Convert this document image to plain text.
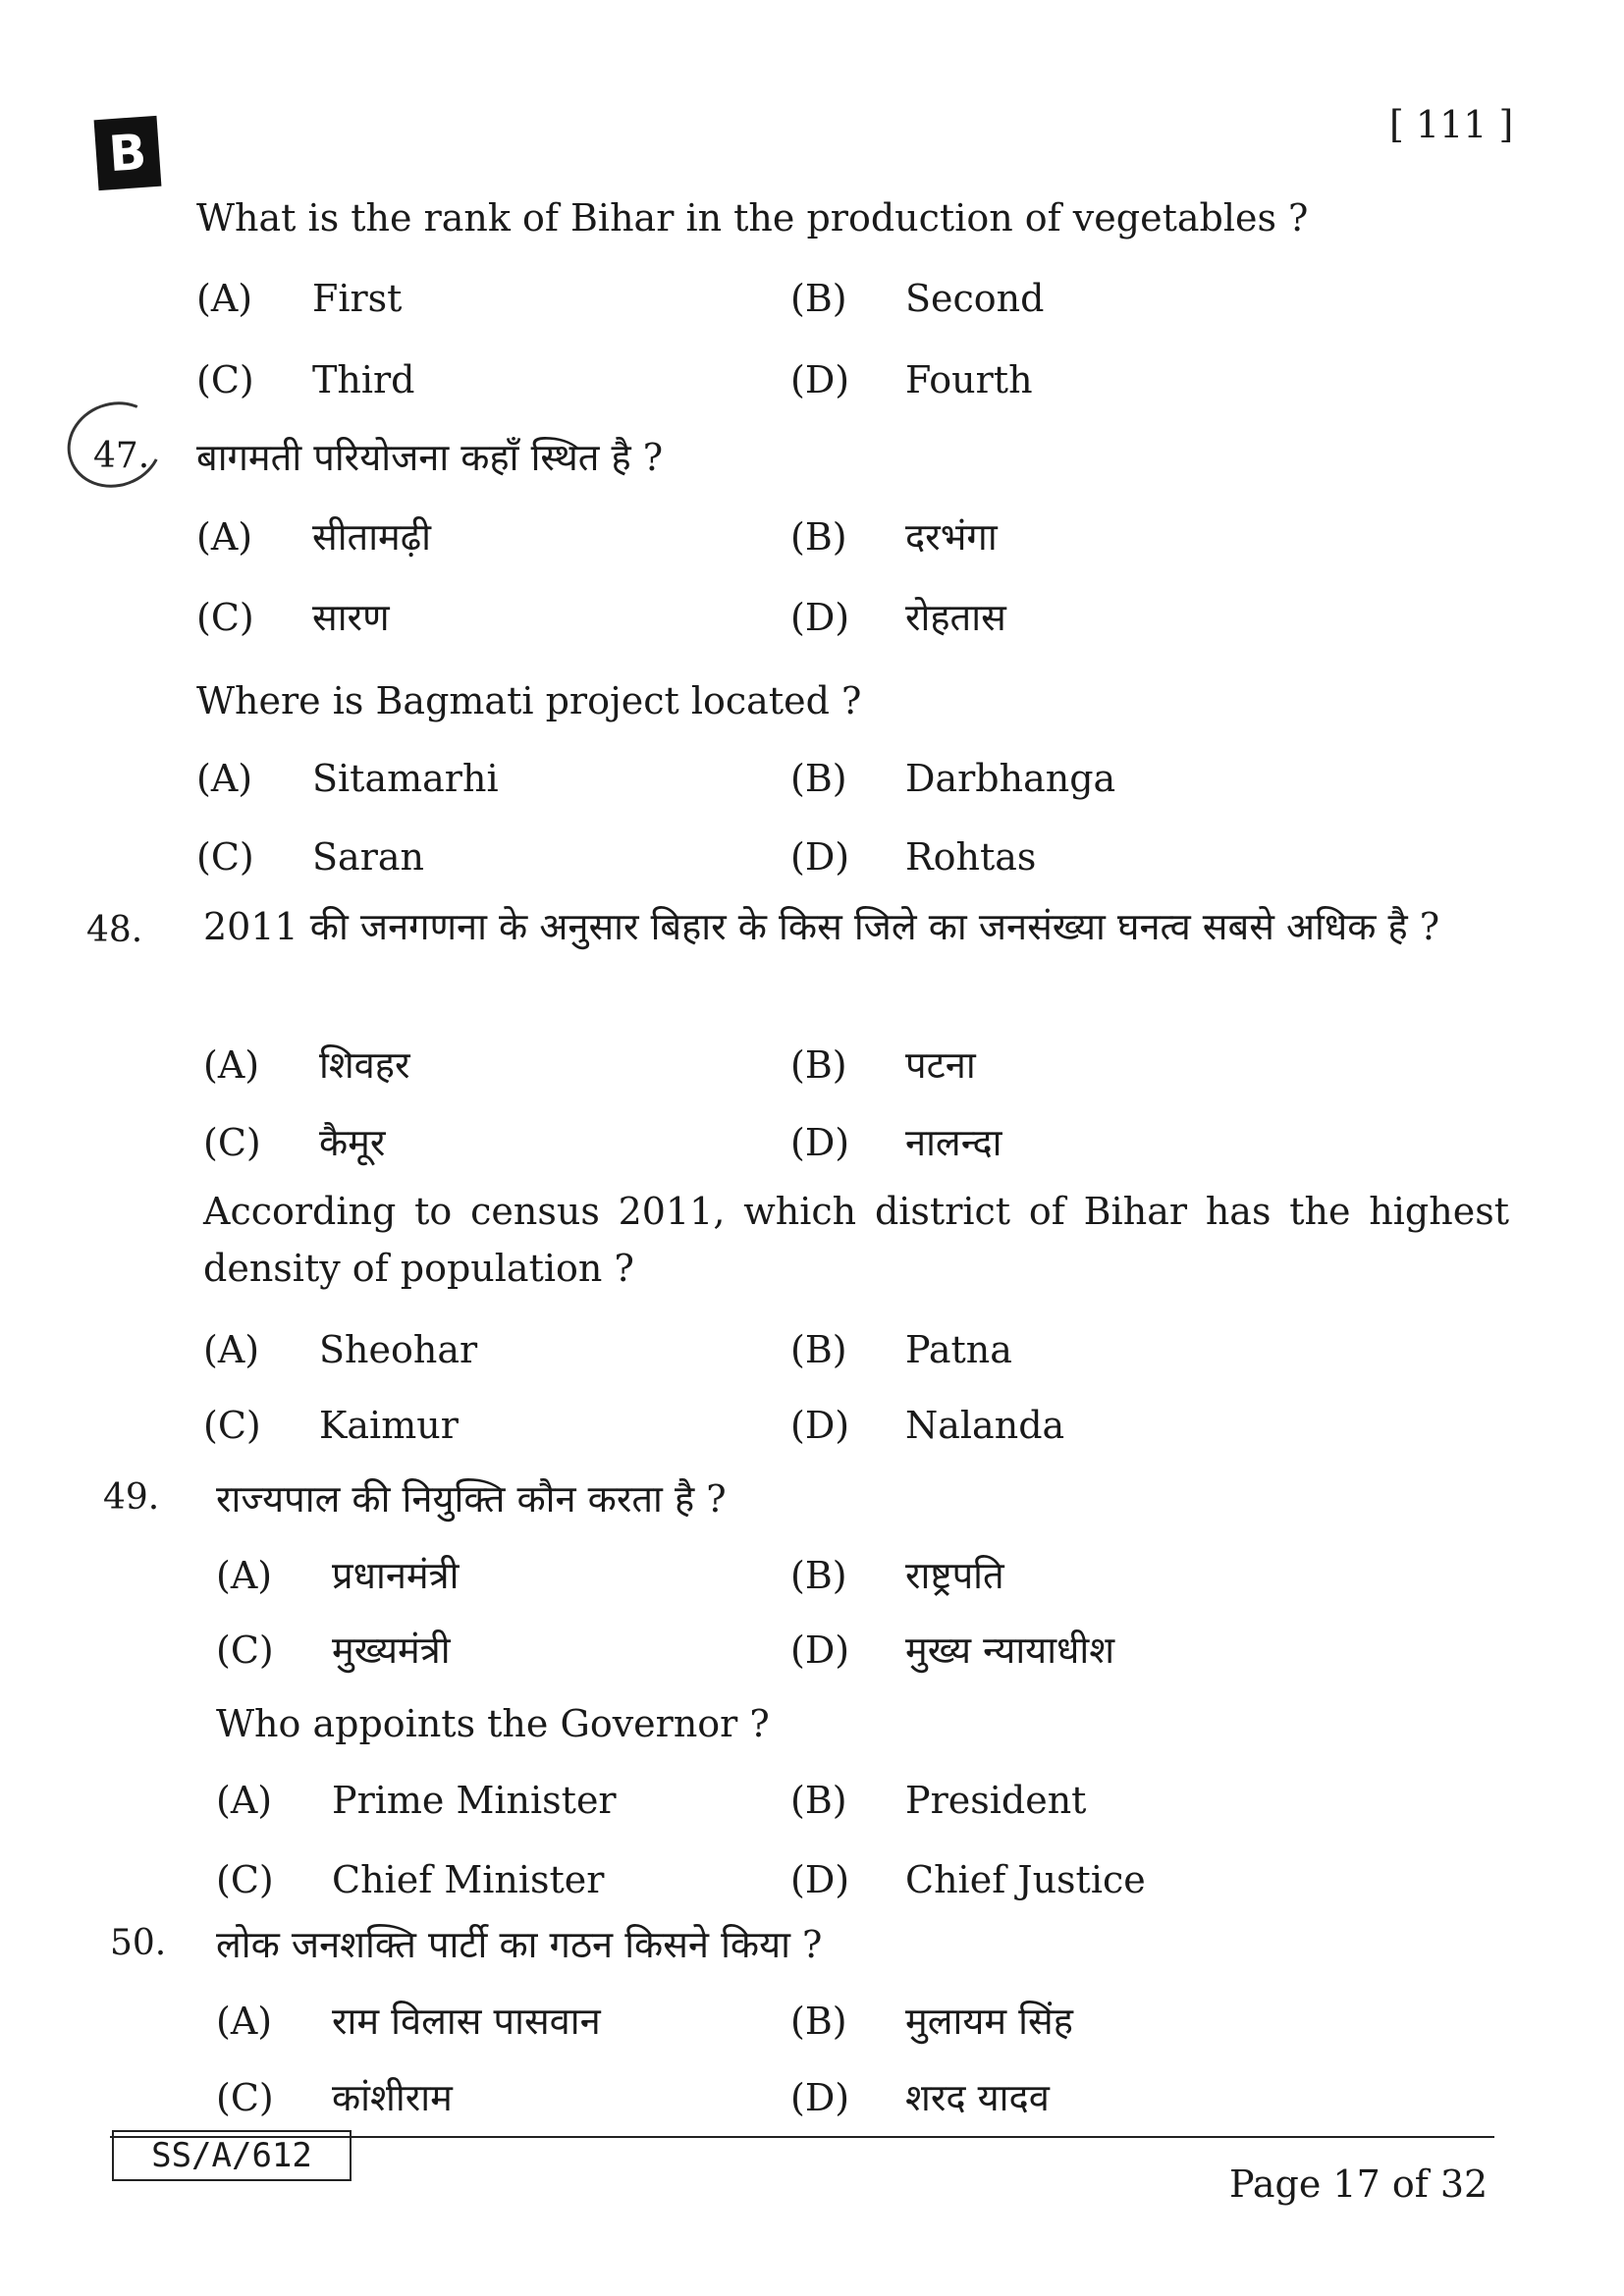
B	[ 111 ]
What is the rank of Bihar in the production of vegetables ?
(A) First	(B) Second
(C) Third	(D) Fourth
47. बागमती परियोजना कहाँ स्थित है ?
Where is Bagmati project located ?
(A) सीतामढ़ी	(B) दरभंगा
(C) सारण	(D) रोहतास
(A) Sitamarhi	(B) Darbhanga
(C) Saran	(D) Rohtas
48. 2011 की जनगणना के अनुसार बिहार के किस जिले का जनसंख्या घनत्व सबसे अधिक है ?
According to census 2011, which district of Bihar has the highest density of population ?
(A) शिवहर	(B) पटना
(C) कैमूर	(D) नालन्दा
(A) Sheohar	(B) Patna
(C) Kaimur	(D) Nalanda
49. राज्यपाल की नियुक्ति कौन करता है ?
Who appoints the Governor ?
(A) प्रधानमंत्री	(B) राष्ट्रपति
(C) मुख्यमंत्री	(D) मुख्य न्यायाधीश
(A) Prime Minister	(B) President
(C) Chief Minister	(D) Chief Justice
50. लोक जनशक्ति पार्टी का गठन किसने किया ?
(A) राम विलास पासवान	(B) मुलायम सिंह
(C) कांशीराम	(D) शरद यादव
SS/A/612
Page 17 of 32
